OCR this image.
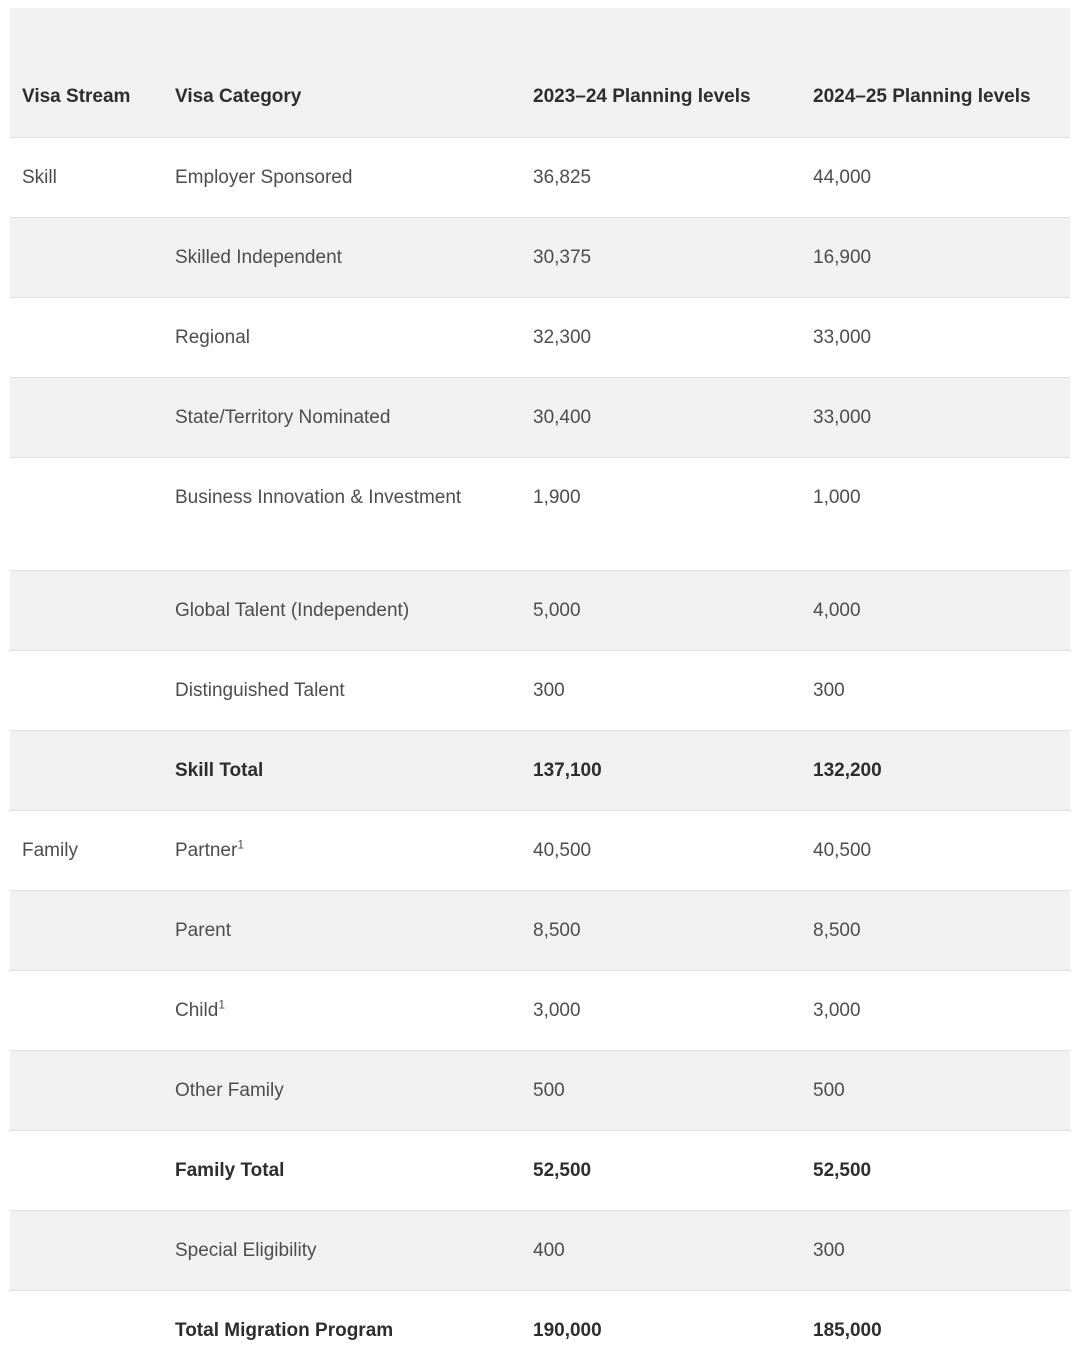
Visa Stream	Visa Category	2023–24 Planning levels	2024–25 Planning levels
Skill	Employer Sponsored	36,825	44,000
	Skilled Independent	30,375	16,900
	Regional	32,300	33,000
	State/Territory Nominated	30,400	33,000
	Business Innovation & Investment	1,900	1,000
	Global Talent (Independent)	5,000	4,000
	Distinguished Talent	300	300
	Skill Total	137,100	132,200
Family	Partner$^1$	40,500	40,500
	Parent	8,500	8,500
	Child$^1$	3,000	3,000
	Other Family	500	500
	Family Total	52,500	52,500
	Special Eligibility	400	300
	Total Migration Program	190,000	185,000
